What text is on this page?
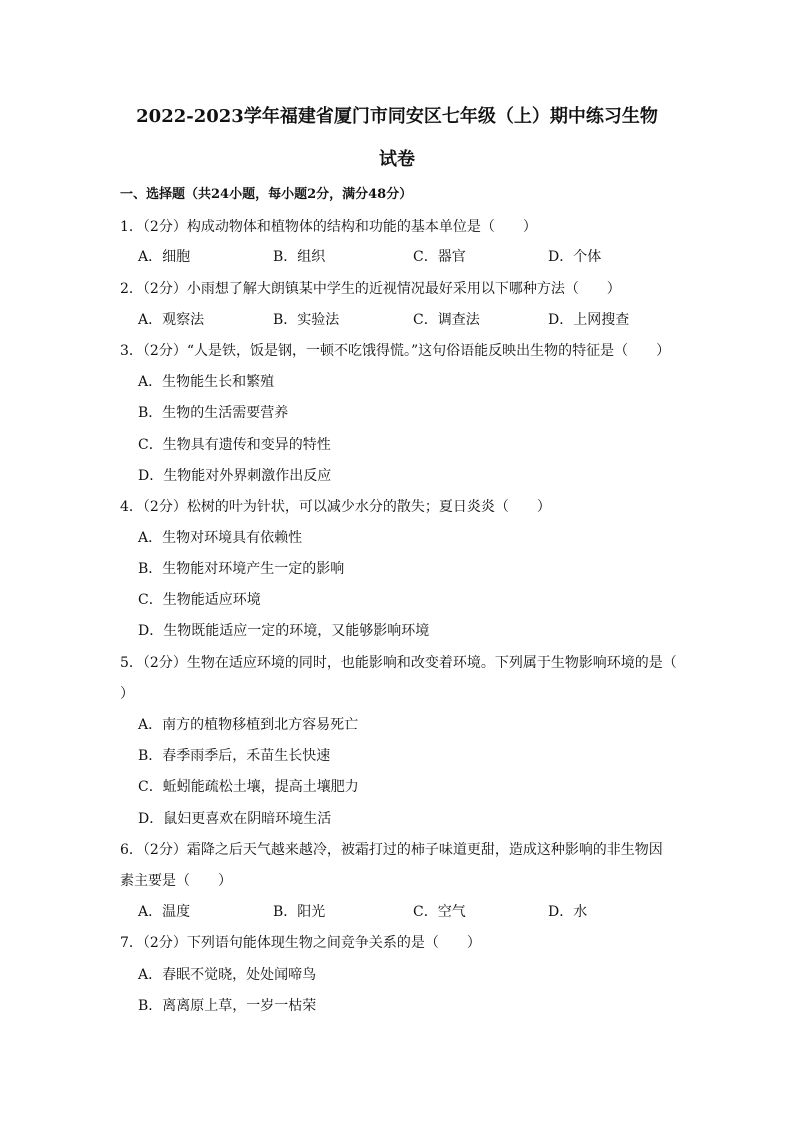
2022-2023学年福建省厦门市同安区七年级（上）期中练习生物
试卷

一、选择题（共24小题，每小题2分，满分48分）

1．（2分）构成动物体和植物体的结构和功能的基本单位是（　　）
A．细胞	B．组织	C．器官	D．个体
2．（2分）小雨想了解大朗镇某中学生的近视情况最好采用以下哪种方法（　　）
A．观察法	B．实验法	C．调查法	D．上网搜查
3．（2分）“人是铁，饭是钢，一顿不吃饿得慌。”这句俗语能反映出生物的特征是（　　）
A．生物能生长和繁殖
B．生物的生活需要营养
C．生物具有遗传和变异的特性
D．生物能对外界刺激作出反应
4．（2分）松树的叶为针状，可以减少水分的散失；夏日炎炎（　　）
A．生物对环境具有依赖性
B．生物能对环境产生一定的影响
C．生物能适应环境
D．生物既能适应一定的环境，又能够影响环境
5．（2分）生物在适应环境的同时，也能影响和改变着环境。下列属于生物影响环境的是（
）
A．南方的植物移植到北方容易死亡
B．春季雨季后，禾苗生长快速
C．蚯蚓能疏松土壤，提高土壤肥力
D．鼠妇更喜欢在阴暗环境生活
6．（2分）霜降之后天气越来越冷，被霜打过的柿子味道更甜，造成这种影响的非生物因
素主要是（　　）
A．温度	B．阳光	C．空气	D．水
7．（2分）下列语句能体现生物之间竞争关系的是（　　）
A．春眠不觉晓，处处闻啼鸟
B．离离原上草，一岁一枯荣
